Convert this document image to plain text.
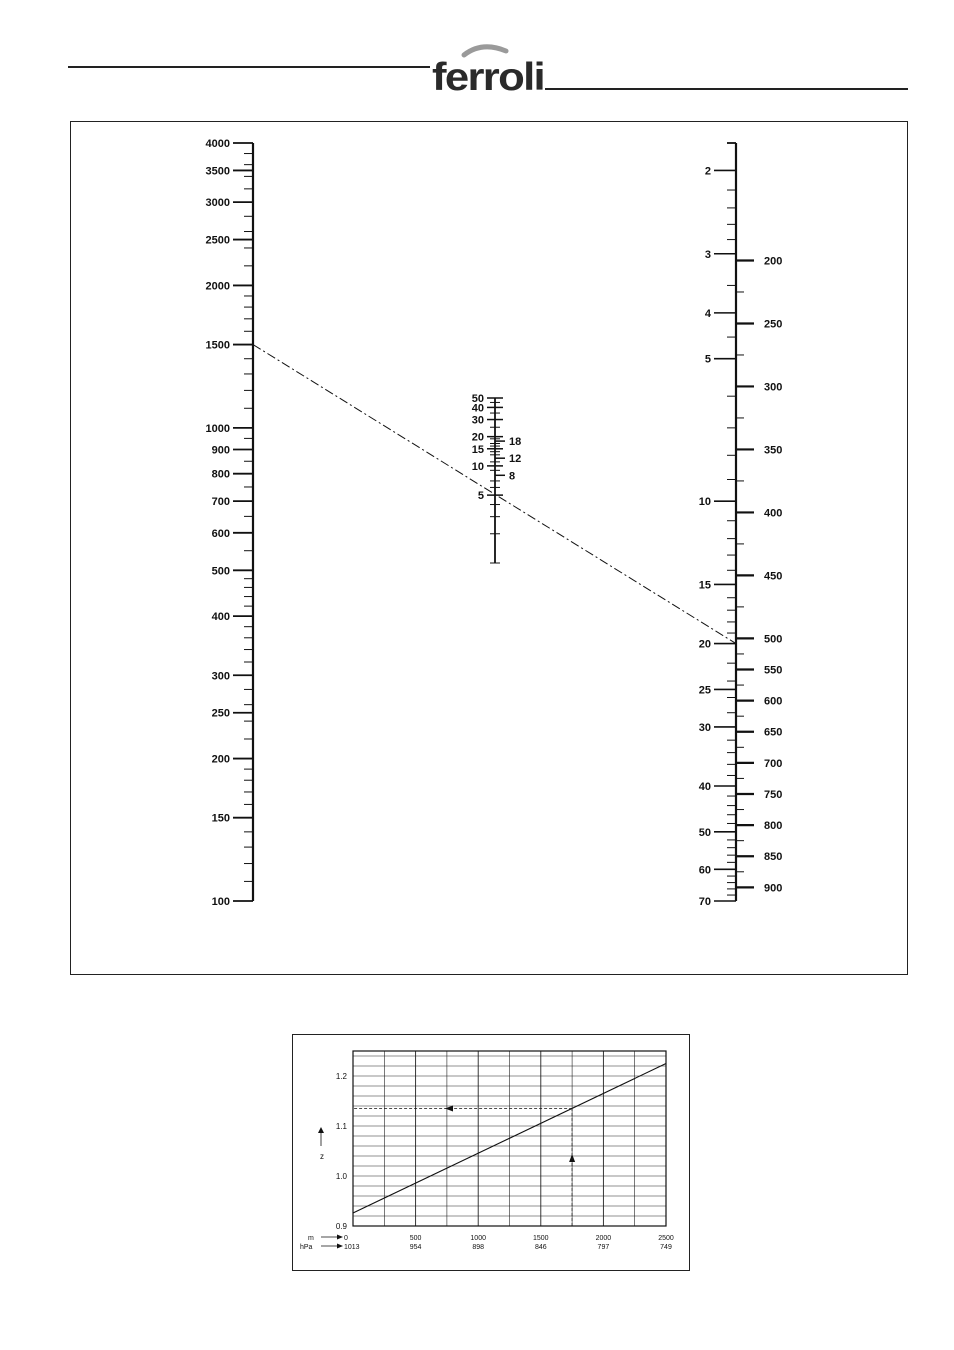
ferroli
4000
3500
3000
2500
2000
1500
1000
900
800
700
600
500
400
300
250
200
150
100
50
40
30
20
15
10
5
18
12
8
2
3
4
5
10
15
20
25
30
40
50
60
70
200
250
300
350
400
450
500
550
600
650
700
750
800
850
900
1.2
1.1
1.0
0.9
z
m	0	500	1000	1500	2000	2500
hPa	1013	954	898	846	797	749
